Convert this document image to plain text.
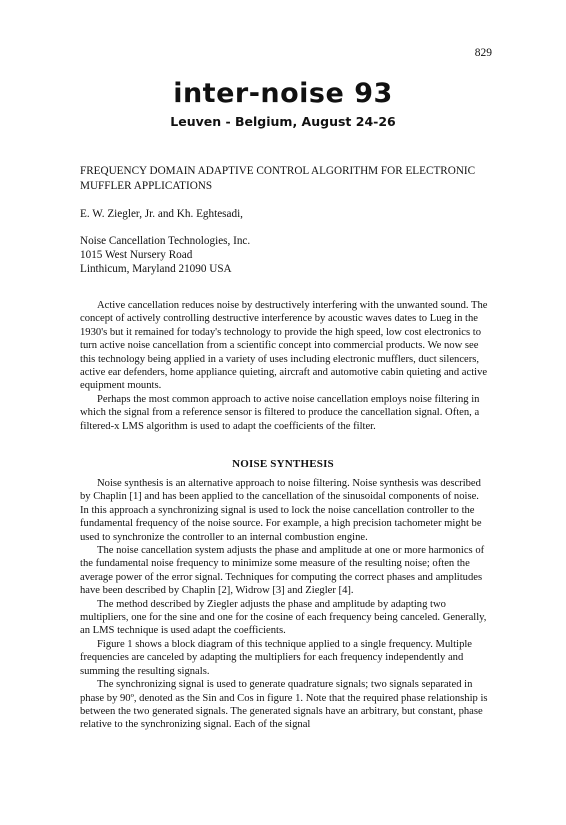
829
inter-noise 93
Leuven - Belgium, August 24-26
FREQUENCY DOMAIN ADAPTIVE CONTROL ALGORITHM FOR ELECTRONIC MUFFLER APPLICATIONS
E. W. Ziegler, Jr. and Kh. Eghtesadi,
Noise Cancellation Technologies, Inc.
1015 West Nursery Road
Linthicum, Maryland 21090 USA

Active cancellation reduces noise by destructively interfering with the unwanted sound. The concept of actively controlling destructive interference by acoustic waves dates to Lueg in the 1930's but it remained for today's technology to provide the high speed, low cost electronics to turn active noise cancellation from a scientific concept into commercial products. We now see this technology being applied in a variety of uses including electronic mufflers, duct silencers, active ear defenders, home appliance quieting, aircraft and automotive cabin quieting and active equipment mounts.

Perhaps the most common approach to active noise cancellation employs noise filtering in which the signal from a reference sensor is filtered to produce the cancellation signal. Often, a filtered-x LMS algorithm is used to adapt the coefficients of the filter.

NOISE SYNTHESIS

Noise synthesis is an alternative approach to noise filtering. Noise synthesis was described by Chaplin [1] and has been applied to the cancellation of the sinusoidal components of noise. In this approach a synchronizing signal is used to lock the noise cancellation controller to the fundamental frequency of the noise source. For example, a high precision tachometer might be used to synchronize the controller to an internal combustion engine.

The noise cancellation system adjusts the phase and amplitude at one or more harmonics of the fundamental noise frequency to minimize some measure of the resulting noise; often the average power of the error signal. Techniques for computing the correct phases and amplitudes have been described by Chaplin [2], Widrow [3] and Ziegler [4].

The method described by Ziegler adjusts the phase and amplitude by adapting two multipliers, one for the sine and one for the cosine of each frequency being canceled. Generally, an LMS technique is used adapt the coefficients.

Figure 1 shows a block diagram of this technique applied to a single frequency. Multiple frequencies are canceled by adapting the multipliers for each frequency independently and summing the resulting signals.

The synchronizing signal is used to generate quadrature signals; two signals separated in phase by 90º, denoted as the Sin and Cos in figure 1. Note that the required phase relationship is between the two generated signals. The generated signals have an arbitrary, but constant, phase relative to the synchronizing signal. Each of the signal
